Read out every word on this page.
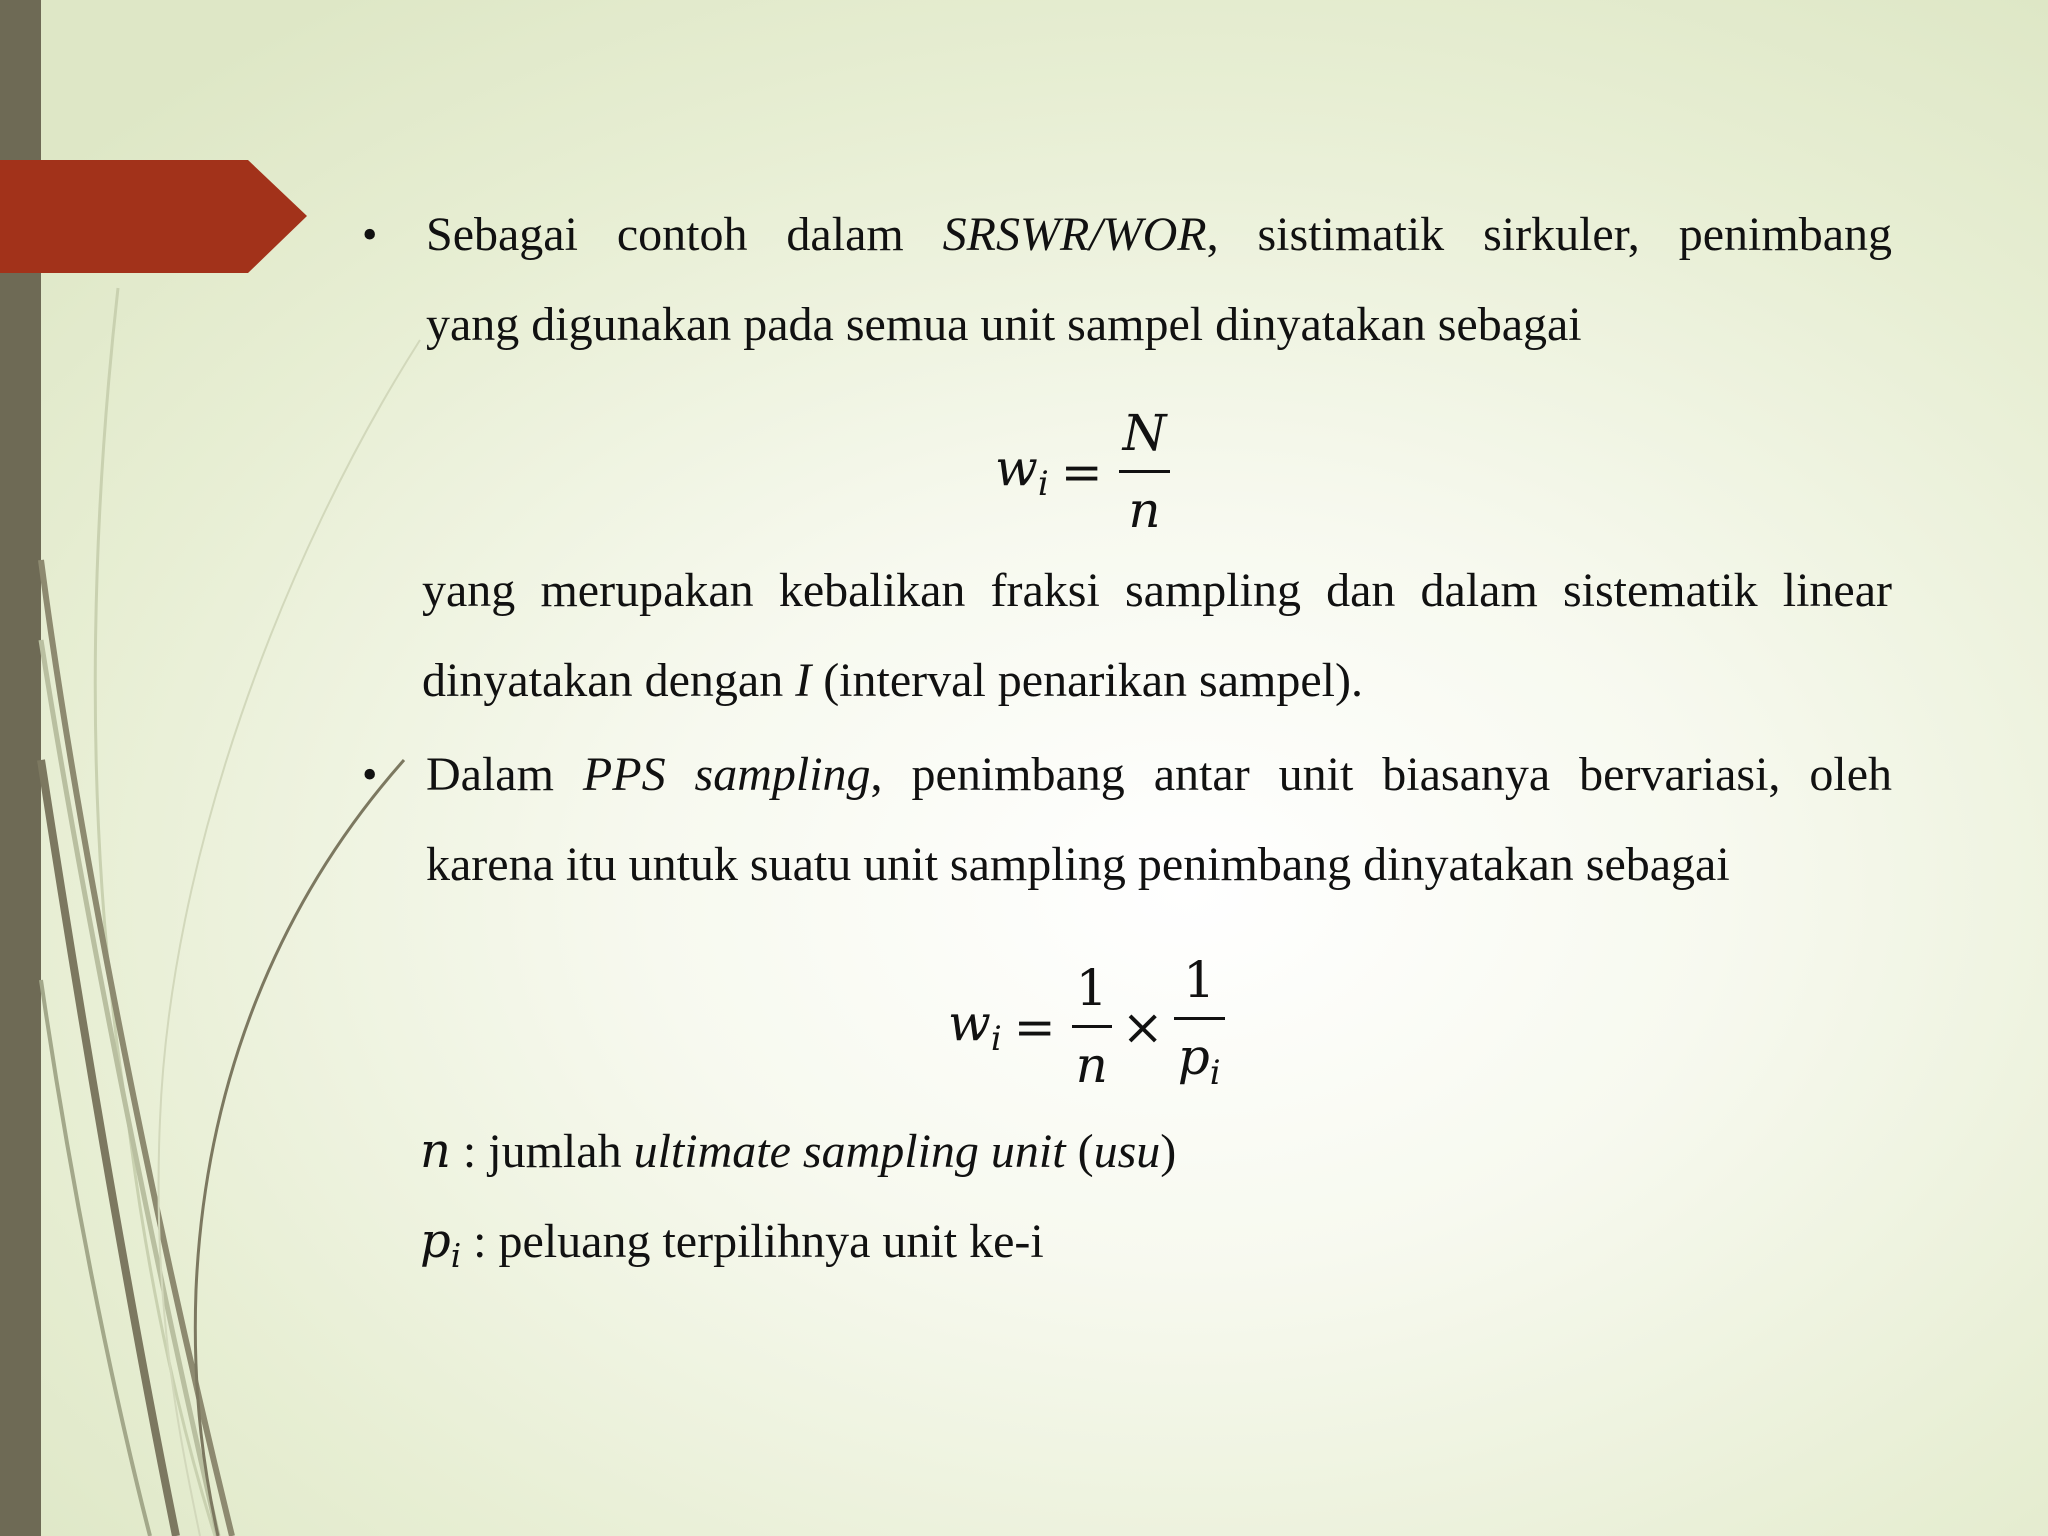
• Sebagai contoh dalam SRSWR/WOR, sistimatik sirkuler, penimbang
yang digunakan pada semua unit sampel dinyatakan sebagai
$w_i = \frac{N}{n}$
yang merupakan kebalikan fraksi sampling dan dalam sistematik linear
dinyatakan dengan I (interval penarikan sampel).
• Dalam PPS sampling, penimbang antar unit biasanya bervariasi, oleh
karena itu untuk suatu unit sampling penimbang dinyatakan sebagai
$w_i = \frac{1}{n} \times \frac{1}{p_i}$
n : jumlah ultimate sampling unit (usu)
$p_i$ : peluang terpilihnya unit ke-i
